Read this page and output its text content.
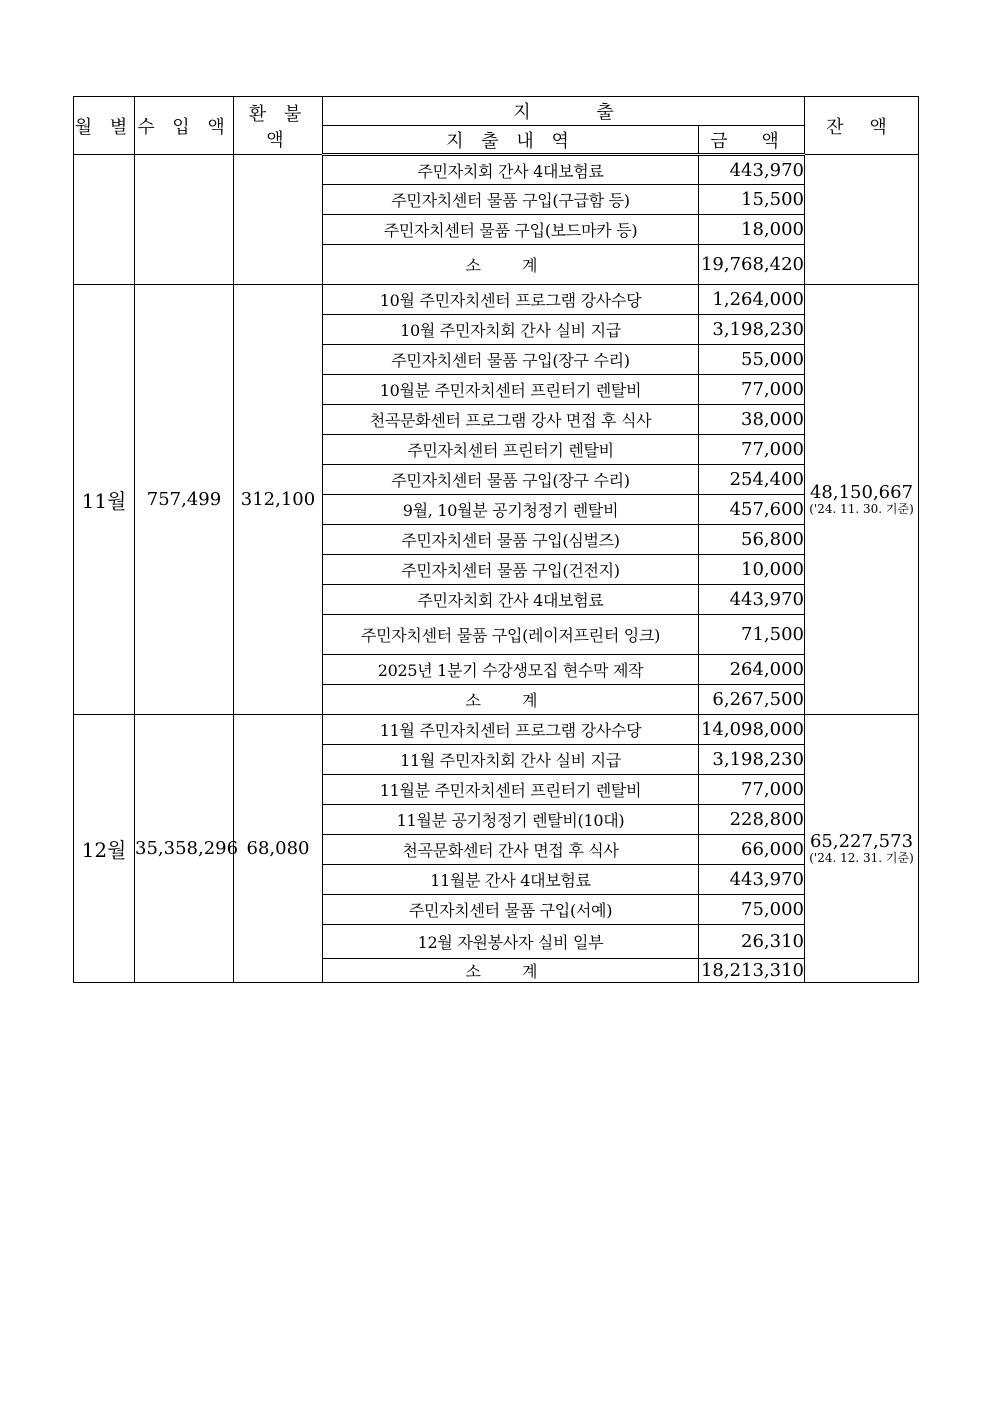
월 별	수 입 액	환 불 액	지 출		잔 액
			지 출 내 역	금 액	
			주민자치회 간사 4대보험료	443,970	
			주민자치센터 물품 구입(구급함 등)	15,500	
			주민자치센터 물품 구입(보드마카 등)	18,000	
			소 계	19,768,420	
11월	757,499	312,100	10월 주민자치센터 프로그램 강사수당	1,264,000	48,150,667
('24. 11. 30. 기준)

			10월 주민자치회 간사 실비 지급	3,198,230	
			주민자치센터 물품 구입(장구 수리)	55,000	
			10월분 주민자치센터 프린터기 렌탈비	77,000	
			천곡문화센터 프로그램 강사 면접 후 식사	38,000	
			주민자치센터 프린터기 렌탈비	77,000	
			주민자치센터 물품 구입(장구 수리)	254,400	
			9월, 10월분 공기청정기 렌탈비	457,600	
			주민자치센터 물품 구입(심벌즈)	56,800	
			주민자치센터 물품 구입(건전지)	10,000	
			주민자치회 간사 4대보험료	443,970	
			주민자치센터 물품 구입(레이저프린터 잉크)	71,500	
			2025년 1분기 수강생모집 현수막 제작	264,000	
			소 계	6,267,500	
12월	35,358,296	68,080	11월 주민자치센터 프로그램 강사수당	14,098,000	65,227,573
('24. 12. 31. 기준)

			11월 주민자치회 간사 실비 지급	3,198,230	
			11월분 주민자치센터 프린터기 렌탈비	77,000	
			11월분 공기청정기 렌탈비(10대)	228,800	
			천곡문화센터 간사 면접 후 식사	66,000	
			11월분 간사 4대보험료	443,970	
			주민자치센터 물품 구입(서예)	75,000	
			12월 자원봉사자 실비 일부	26,310	
			소 계	18,213,310	
